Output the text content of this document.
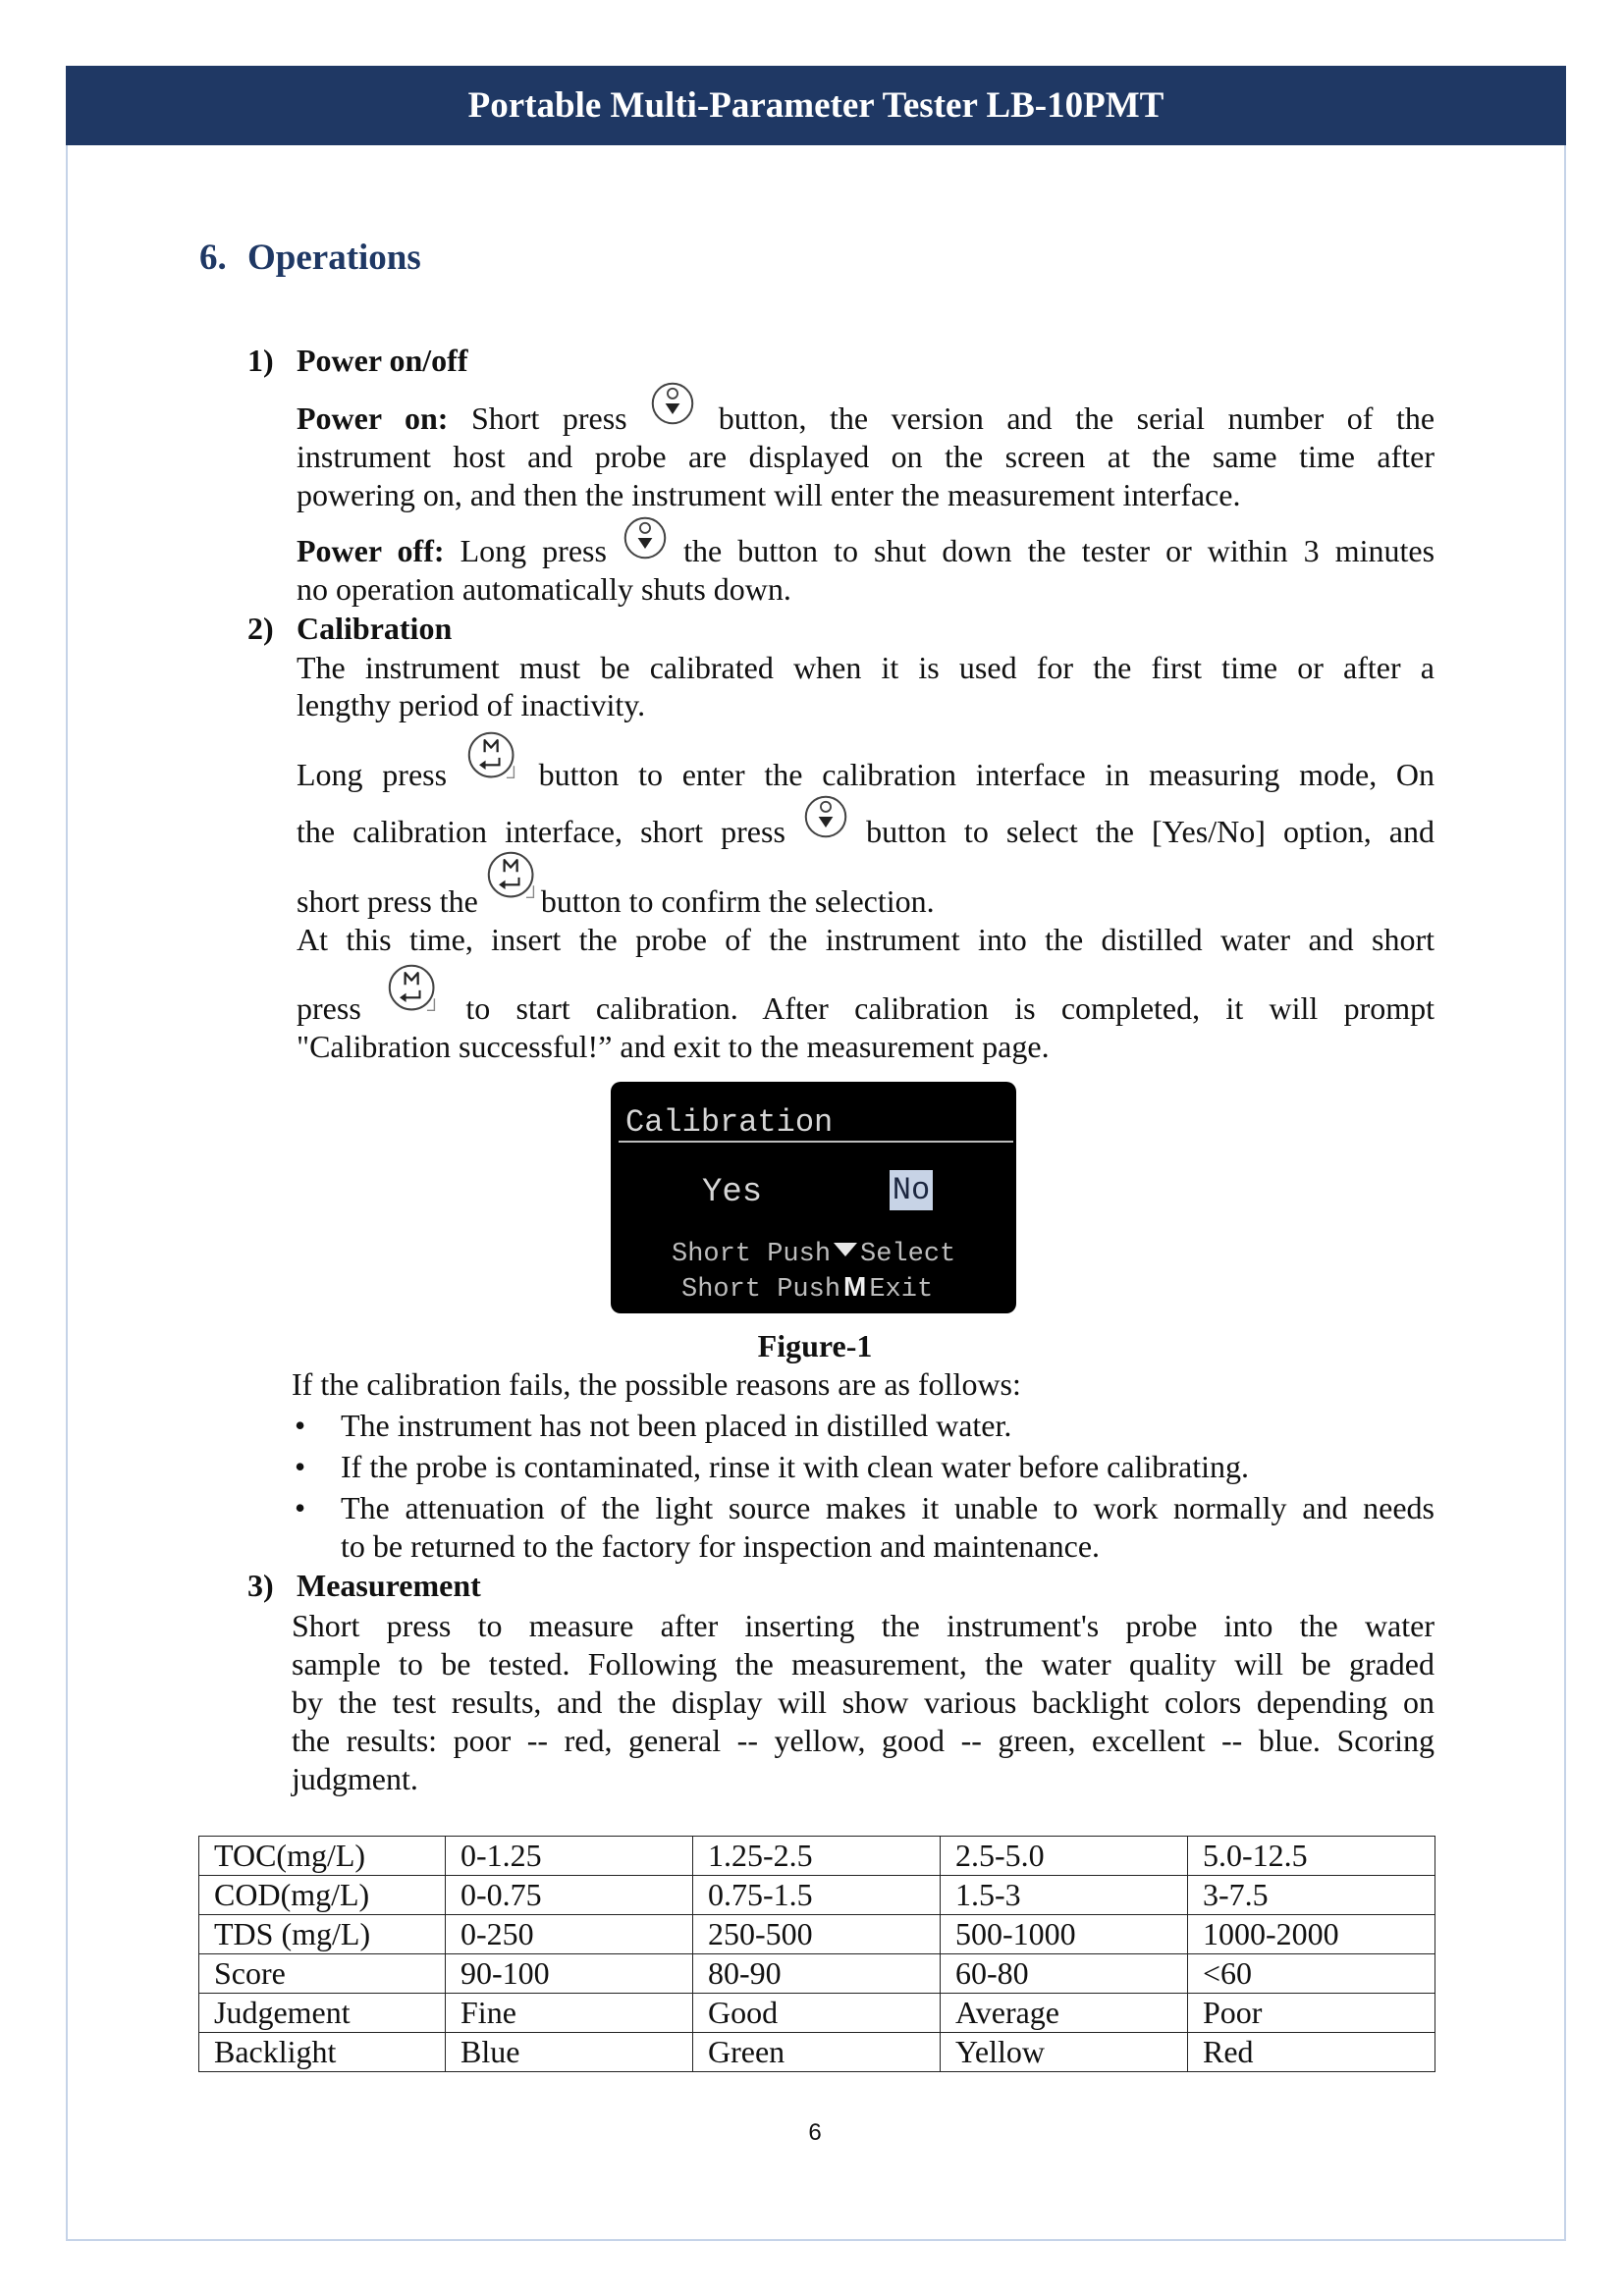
Portable Multi-Parameter Tester LB-10PMT
6. Operations
1) Power on/off
Power on: Short press	button, the version and the serial number of the
instrument host and probe are displayed on the screen at the same time after
powering on, and then the instrument will enter the measurement interface.
Power off: Long press the button to shut down the tester or within 3 minutes
no operation automatically shuts down.
2) Calibration
The instrument must be calibrated when it is used for the first time or after a
lengthy period of inactivity.
Long press	button to enter the calibration interface in measuring mode, On
the calibration interface, short press	button to select the [Yes/No] option, and
short press the button to confirm the selection.
At this time, insert the probe of the instrument into the distilled water and short
press	to start calibration. After calibration is completed, it will prompt
"Calibration successful!” and exit to the measurement page.
Calibration
Yes	No
Short Push Select
Short Push M Exit
Figure-1
If the calibration fails, the possible reasons are as follows:
• The instrument has not been placed in distilled water.
• If the probe is contaminated, rinse it with clean water before calibrating.
• The attenuation of the light source makes it unable to work normally and needs
to be returned to the factory for inspection and maintenance.
3) Measurement
Short press to measure after inserting the instrument's probe into the water
sample to be tested. Following the measurement, the water quality will be graded
by the test results, and the display will show various backlight colors depending on
the results: poor -- red, general -- yellow, good -- green, excellent -- blue. Scoring
judgment.
TOC(mg/L)	0-1.25	1.25-2.5	2.5-5.0	5.0-12.5
COD(mg/L)	0-0.75	0.75-1.5	1.5-3	3-7.5
TDS (mg/L)	0-250	250-500	500-1000	1000-2000
Score	90-100	80-90	60-80	<60
Judgement	Fine	Good	Average	Poor
Backlight	Blue	Green	Yellow	Red
6
